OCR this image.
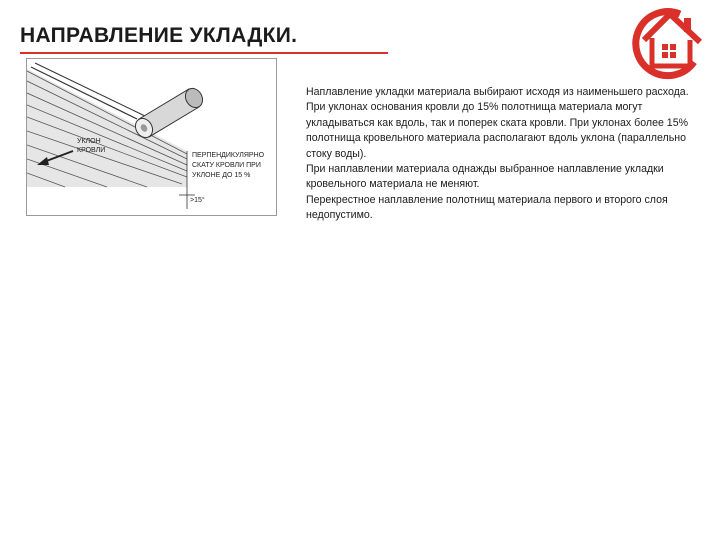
НАПРАВЛЕНИЕ УКЛАДКИ.
УКЛОН
КРОВЛИ
ПЕРПЕНДИКУЛЯРНО
СКАТУ КРОВЛИ ПРИ
УКЛОНЕ ДО 15 %
>15°

Наплавление укладки материала выбирают исходя из наименьшего расхода. При уклонах основания кровли до 15% полотнища материала могут укладываться как вдоль, так и поперек ската кровли. При уклонах более 15% полотнища кровельного материала располагают вдоль уклона (параллельно стоку воды).

При наплавлении материала однажды выбранное наплавление укладки кровельного материала не меняют.

Перекрестное наплавление полотнищ материала первого и второго слоя недопустимо.
